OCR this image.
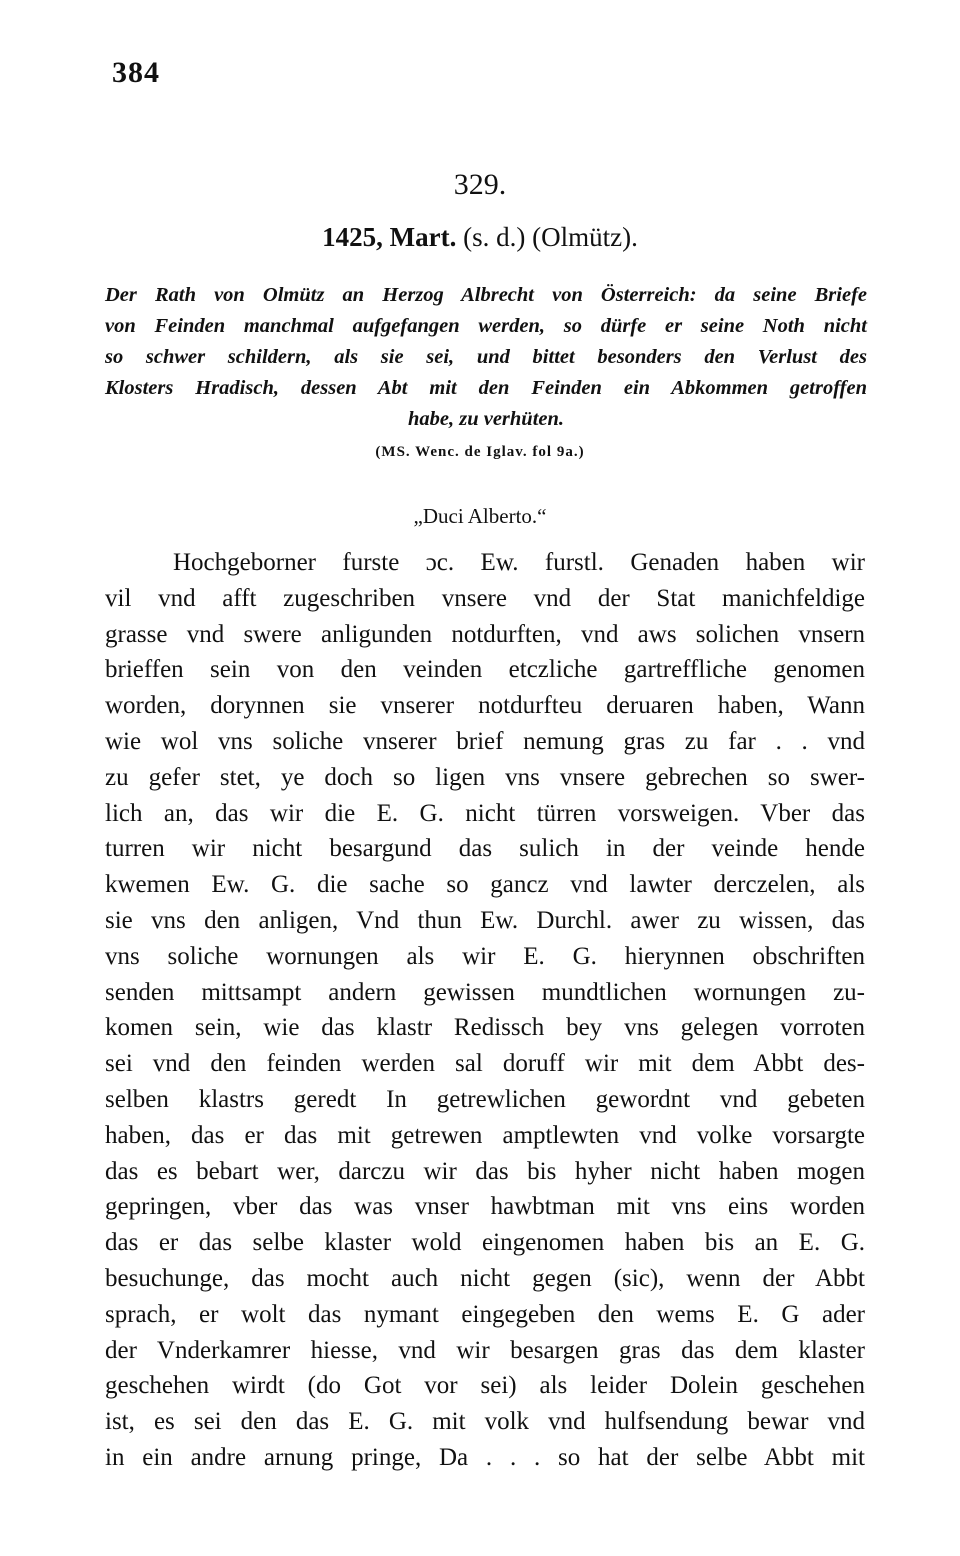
384
329.
1425, Mart. (s. d.) (Olmütz).
Der Rath von Olmütz an Herzog Albrecht von Österreich: da seine Briefe
von Feinden manchmal aufgefangen werden, so dürfe er seine Noth nicht
so schwer schildern, als sie sei, und bittet besonders den Verlust des
Klosters Hradisch, dessen Abt mit den Feinden ein Abkommen getroffen
habe, zu verhüten.
(MS. Wenc. de Iglav. fol 9a.)
„Duci Alberto.“
Hochgeborner furste ɔc. Ew. furstl. Genaden haben wir
vil vnd afft zugeschriben vnsere vnd der Stat manichfeldige
grasse vnd swere anligunden notdurften, vnd aws solichen vnsern
brieffen sein von den veinden etczliche gartreffliche genomen
worden, dorynnen sie vnserer notdurfteu deruaren haben, Wann
wie wol vns soliche vnserer brief nemung gras zu far . . vnd
zu gefer stet, ye doch so ligen vns vnsere gebrechen so swer-
lich an, das wir die E. G. nicht türren vorsweigen. Vber das
turren wir nicht besargund das sulich in der veinde hende
kwemen Ew. G. die sache so gancz vnd lawter derczelen, als
sie vns den anligen, Vnd thun Ew. Durchl. awer zu wissen, das
vns soliche wornungen als wir E. G. hierynnen obschriften
senden mittsampt andern gewissen mundtlichen wornungen zu-
komen sein, wie das klastr Redissch bey vns gelegen vorroten
sei vnd den feinden werden sal doruff wir mit dem Abbt des-
selben klastrs geredt In getrewlichen gewordnt vnd gebeten
haben, das er das mit getrewen amptlewten vnd volke vorsargte
das es bebart wer, darczu wir das bis hyher nicht haben mogen
gepringen, vber das was vnser hawbtman mit vns eins worden
das er das selbe klaster wold eingenomen haben bis an E. G.
besuchunge, das mocht auch nicht gegen (sic), wenn der Abbt
sprach, er wolt das nymant eingegeben den wems E. G ader
der Vnderkamrer hiesse, vnd wir besargen gras das dem klaster
geschehen wirdt (do Got vor sei) als leider Dolein geschehen
ist, es sei den das E. G. mit volk vnd hulfsendung bewar vnd
in ein andre arnung pringe, Da . . . so hat der selbe Abbt mit
